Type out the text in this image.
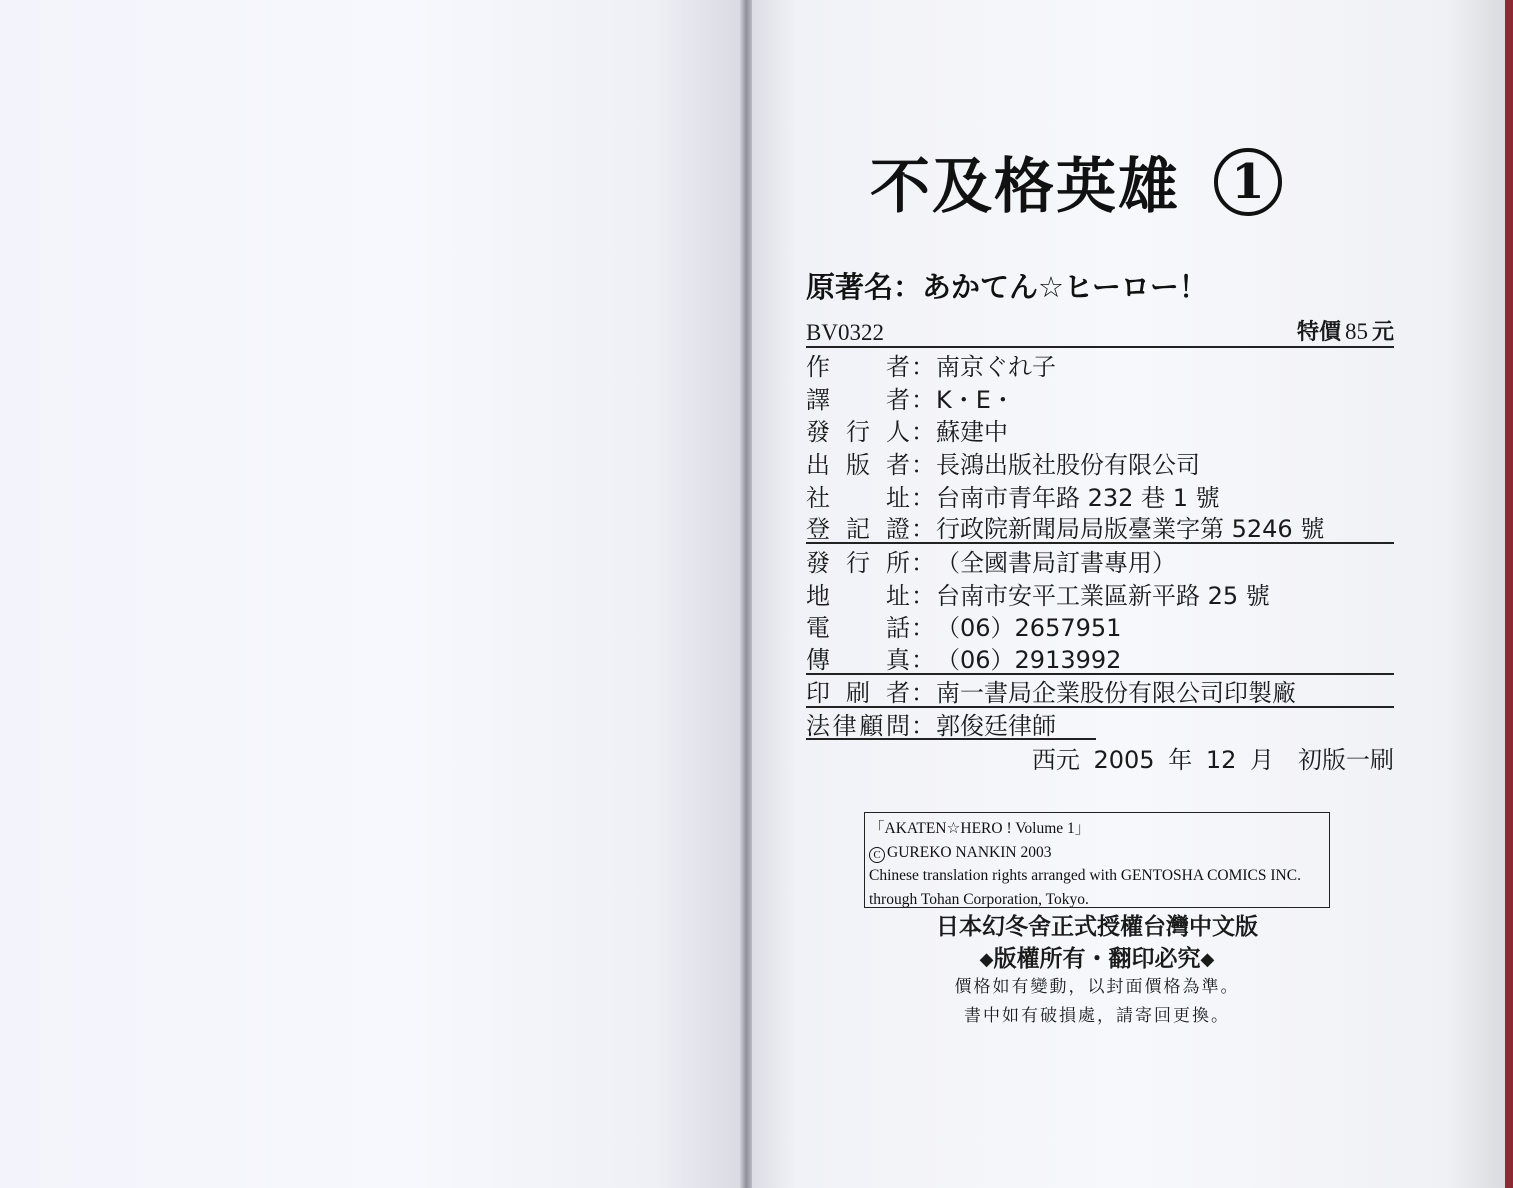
不及格英雄	1
原著名： あかてん☆ヒーロー！
BV0322	特價 85 元
作 者 ： 南京ぐれ子
譯 者 ： K・E・
發 行 人 ： 蘇建中
出 版 者 ： 長鴻出版社股份有限公司
社 址 ： 台南市青年路 232 巷 1 號
登 記 證 ： 行政院新聞局局版臺業字第 5246 號
發 行 所 ： （全國書局訂書專用）
地 址 ： 台南市安平工業區新平路 25 號
電 話 ： （06）2657951
傳 真 ： （06）2913992
印 刷 者 ： 南一書局企業股份有限公司印製廠
法 律 顧 問 ： 郭俊廷律師
西元 2005 年 12 月　初版一刷
「AKATEN☆HERO ! Volume 1」
C GUREKO NANKIN 2003
Chinese translation rights arranged with GENTOSHA COMICS INC.
through Tohan Corporation, Tokyo.
日本幻冬舍正式授權台灣中文版
◆版權所有・翻印必究◆
價格如有變動，以封面價格為準。
書中如有破損處，請寄回更換。
